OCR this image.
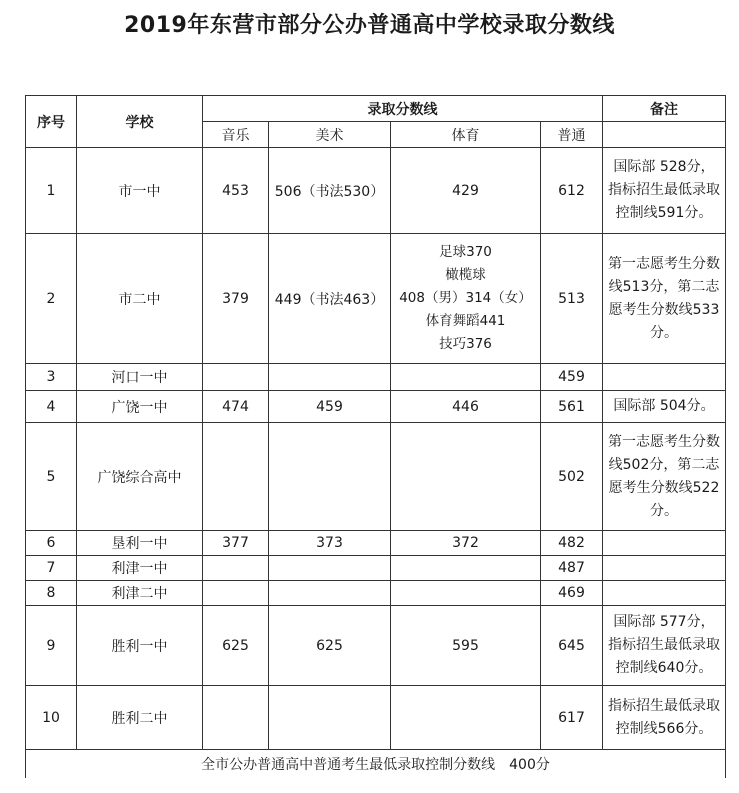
2019年东营市部分公办普通高中学校录取分数线
序号	学校	录取分数线				备注
		音乐	美术	体育	普通	
1	市一中	453	506（书法530）	429	612	国际部 528分，
指标招生最低录取
控制线591分。

2	市二中	379	449（书法463）	足球370
橄榄球
408（男）314（女）
体育舞蹈441
技巧376	513	第一志愿考生分数
线513分，第二志
愿考生分数线533
分。

3	河口一中				459	
4	广饶一中	474	459	446	561	国际部 504分。

5	广饶综合高中				502	第一志愿考生分数
线502分，第二志
愿考生分数线522
分。

6	垦利一中	377	373	372	482	
7	利津一中				487	
8	利津二中				469	
9	胜利一中	625	625	595	645	国际部 577分，
指标招生最低录取
控制线640分。

10	胜利二中				617	指标招生最低录取
控制线566分。

全市公办普通高中普通考生最低录取控制分数线　400分						
